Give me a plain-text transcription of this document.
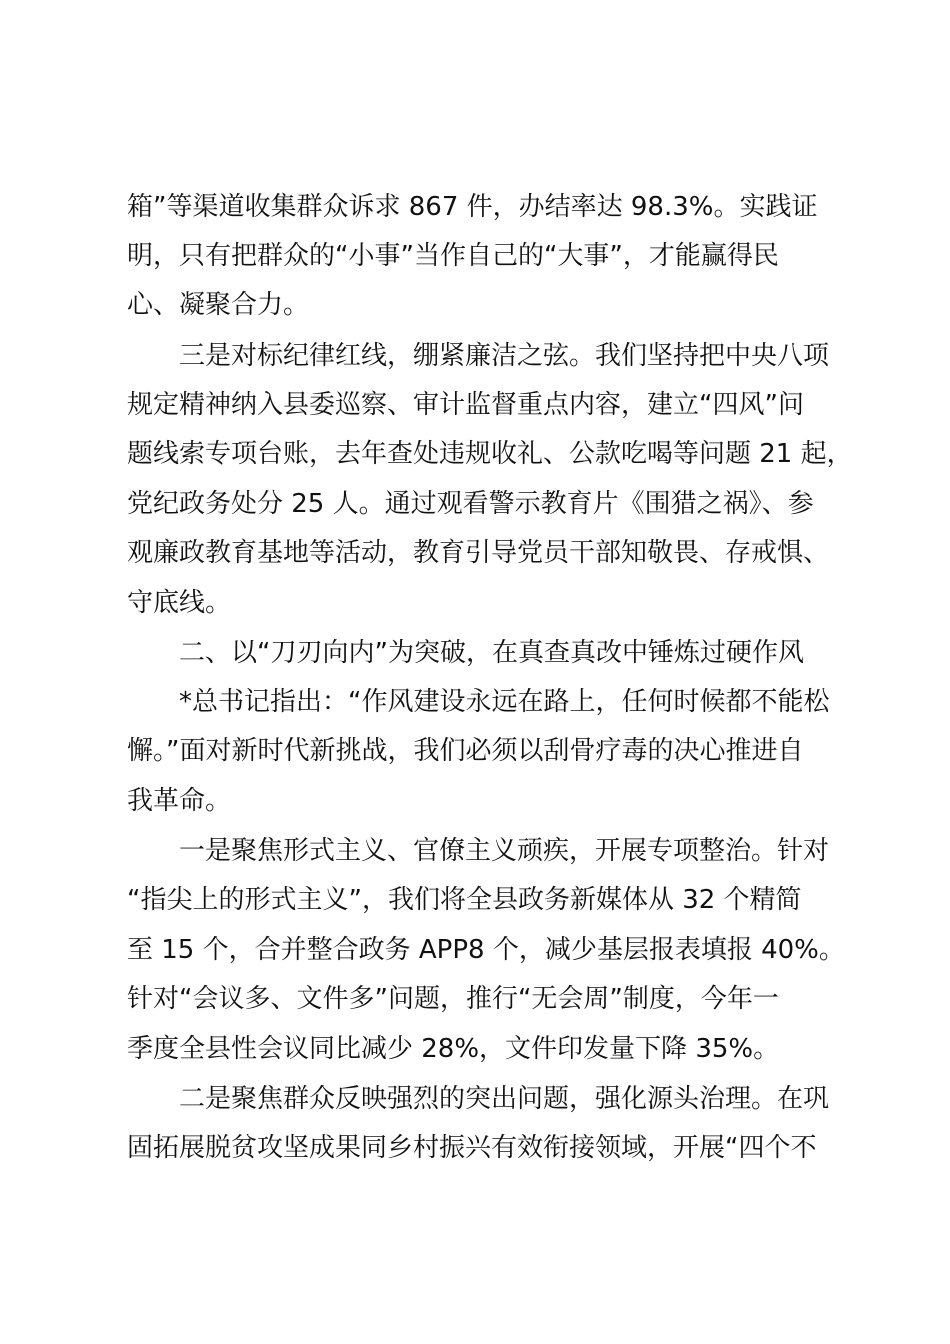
箱”等渠道收集群众诉求 867 件，办结率达 98.3%。实践证

明，只有把群众的“小事”当作自己的“大事”，才能赢得民

心、凝聚合力。

　　三是对标纪律红线，绷紧廉洁之弦。我们坚持把中央八项

规定精神纳入县委巡察、审计监督重点内容，建立“四风”问

题线索专项台账，去年查处违规收礼、公款吃喝等问题 21 起，

党纪政务处分 25 人。通过观看警示教育片《围猎之祸》、参

观廉政教育基地等活动，教育引导党员干部知敬畏、存戒惧、

守底线。

　　二、以“刀刃向内”为突破，在真查真改中锤炼过硬作风

　　*总书记指出：“作风建设永远在路上，任何时候都不能松

懈。”面对新时代新挑战，我们必须以刮骨疗毒的决心推进自

我革命。

　　一是聚焦形式主义、官僚主义顽疾，开展专项整治。针对

“指尖上的形式主义”，我们将全县政务新媒体从 32 个精简

至 15 个，合并整合政务 APP8 个，减少基层报表填报 40%。

针对“会议多、文件多”问题，推行“无会周”制度，今年一

季度全县性会议同比减少 28%，文件印发量下降 35%。

　　二是聚焦群众反映强烈的突出问题，强化源头治理。在巩

固拓展脱贫攻坚成果同乡村振兴有效衔接领域，开展“四个不
